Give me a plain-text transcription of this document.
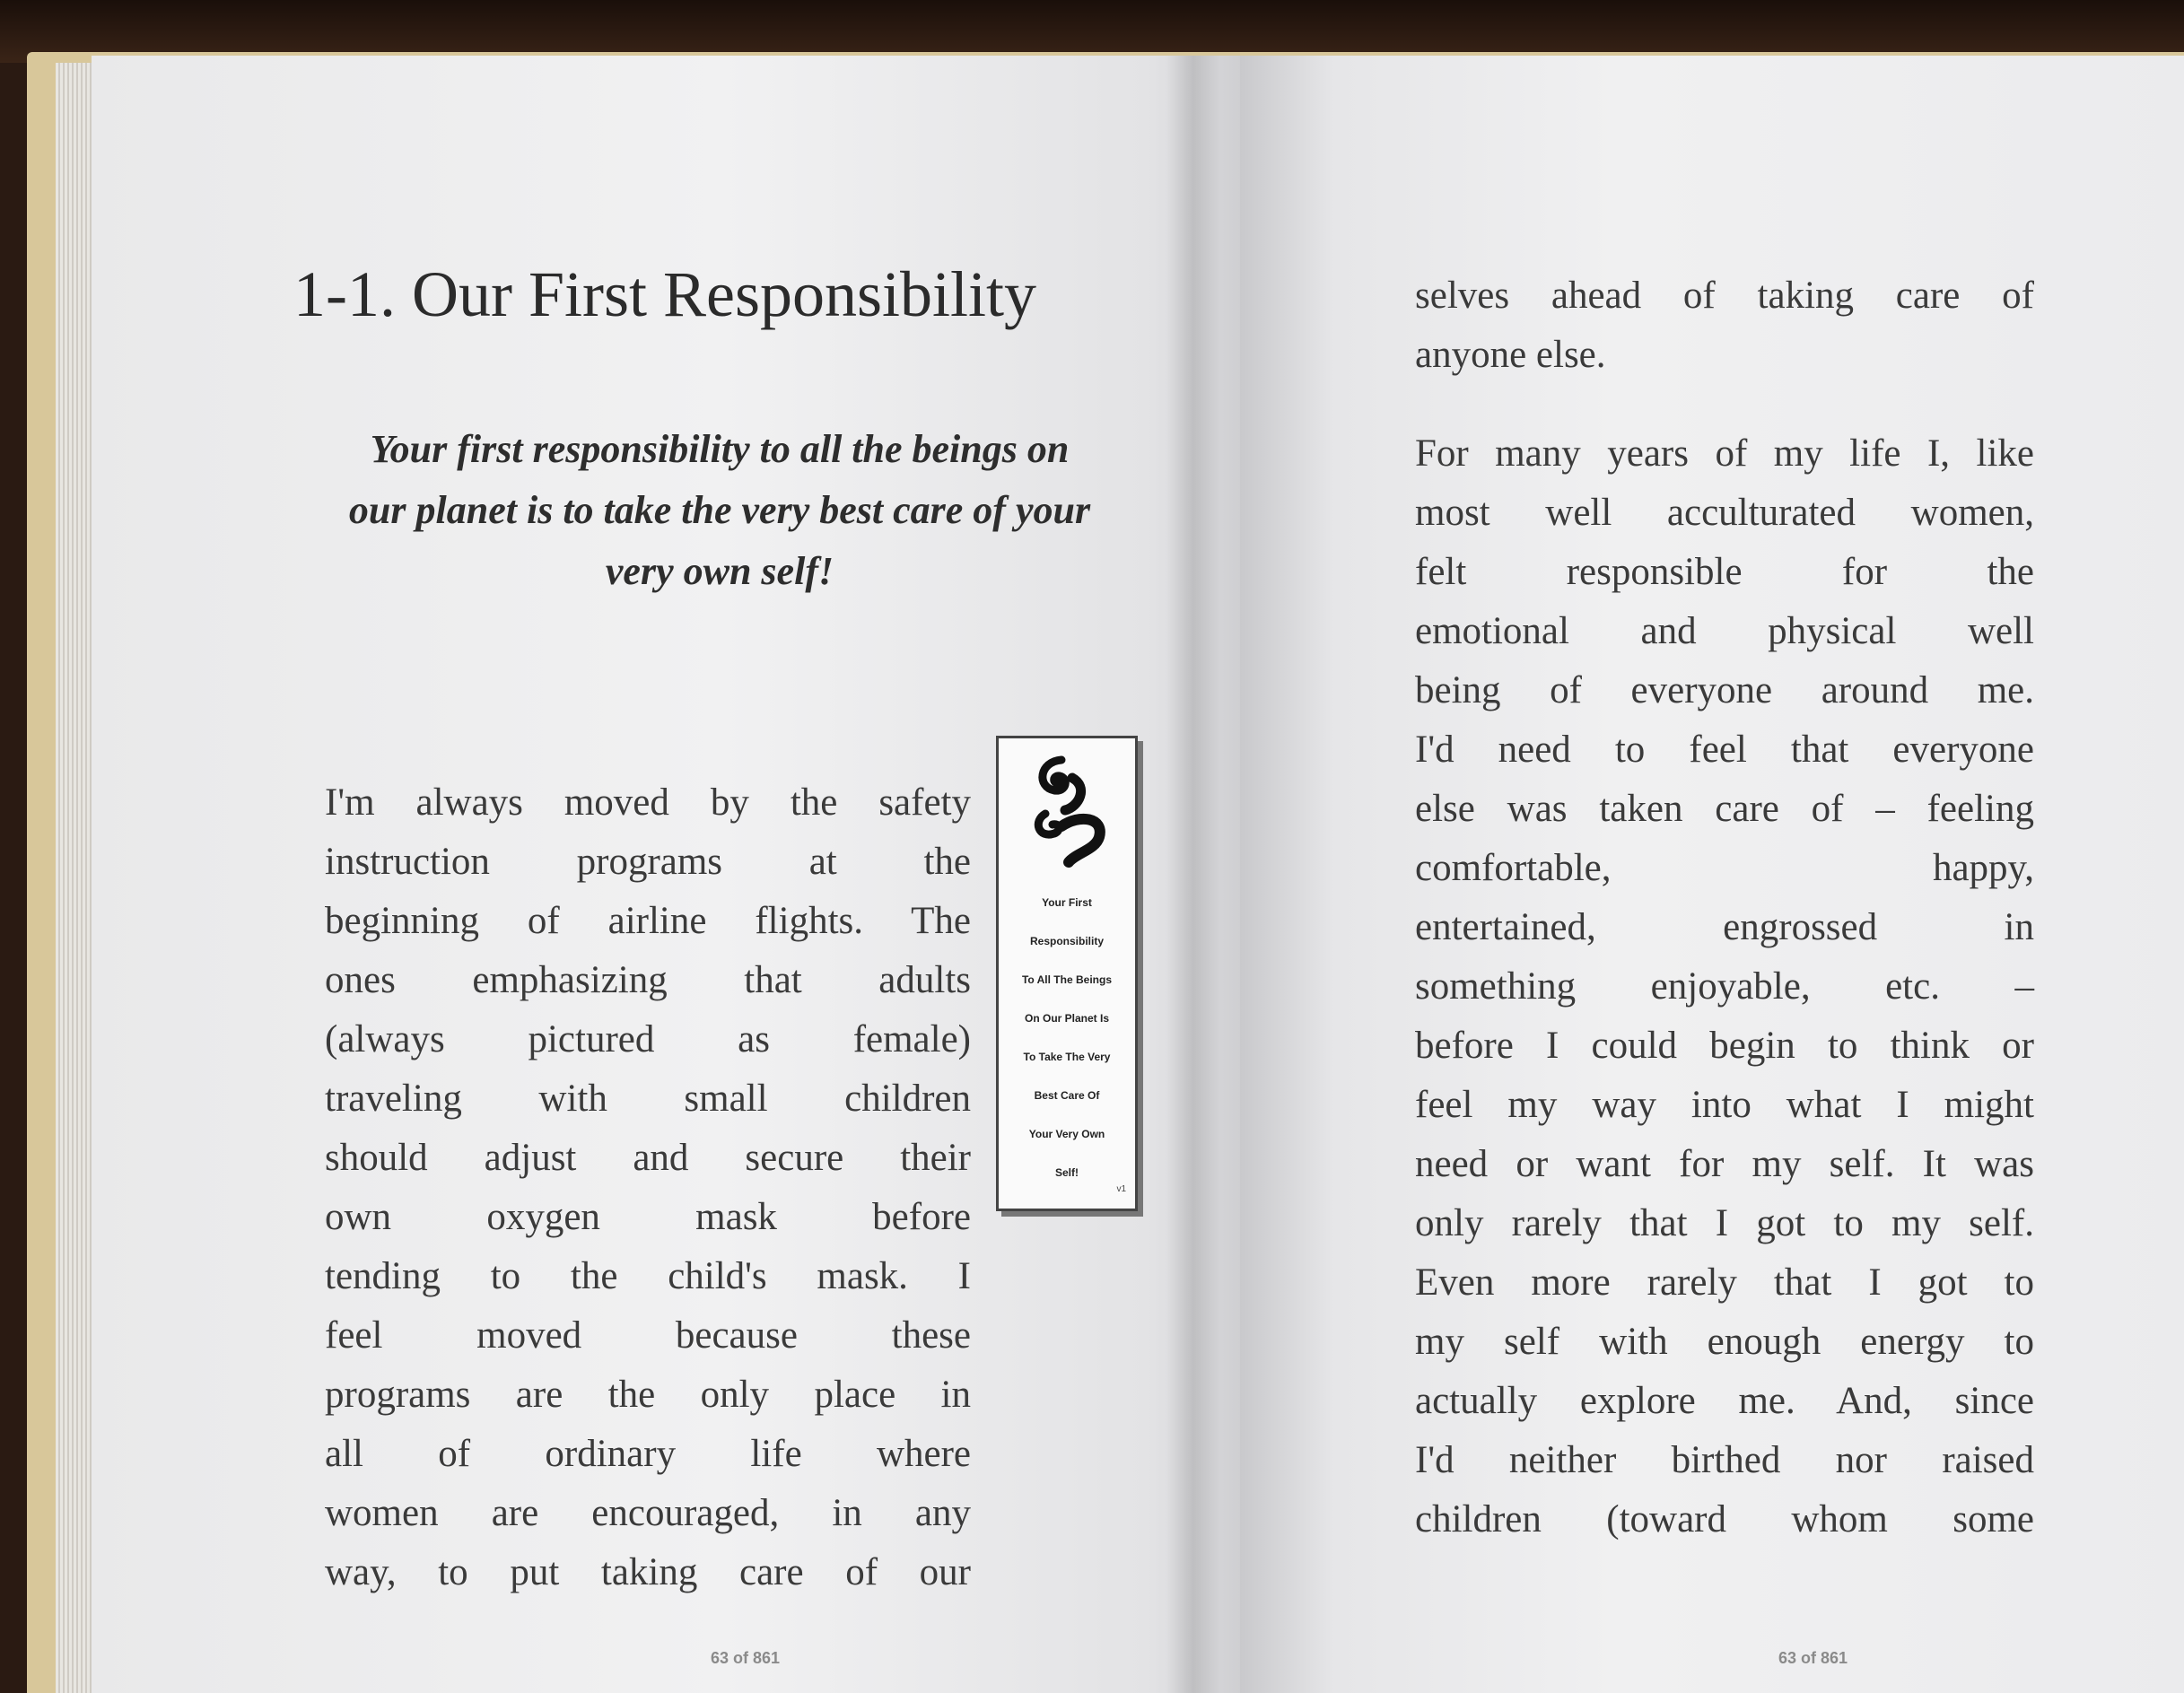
1-1. Our First Responsibility
Your first responsibility to all the beings on
our planet is to take the very best care of your
very own self!
I'm always moved by the safety
instruction programs at the
beginning of airline flights. The
ones emphasizing that adults
(always pictured as female)
traveling with small children
should adjust and secure their
own oxygen mask before
tending to the child's mask. I
feel moved because these
programs are the only place in
all of ordinary life where
women are encouraged, in any
way, to put taking care of our
Your First
Responsibility
To All The Beings
On Our Planet Is
To Take The Very
Best Care Of
Your Very Own
Self!
v1
63 of 861
selves ahead of taking care of
anyone else.
For many years of my life I, like
most well acculturated women,
felt responsible for the
emotional and physical well
being of everyone around me.
I'd need to feel that everyone
else was taken care of – feeling
comfortable, happy,
entertained, engrossed in
something enjoyable, etc. –
before I could begin to think or
feel my way into what I might
need or want for my self. It was
only rarely that I got to my self.
Even more rarely that I got to
my self with enough energy to
actually explore me. And, since
I'd neither birthed nor raised
children (toward whom some
63 of 861
